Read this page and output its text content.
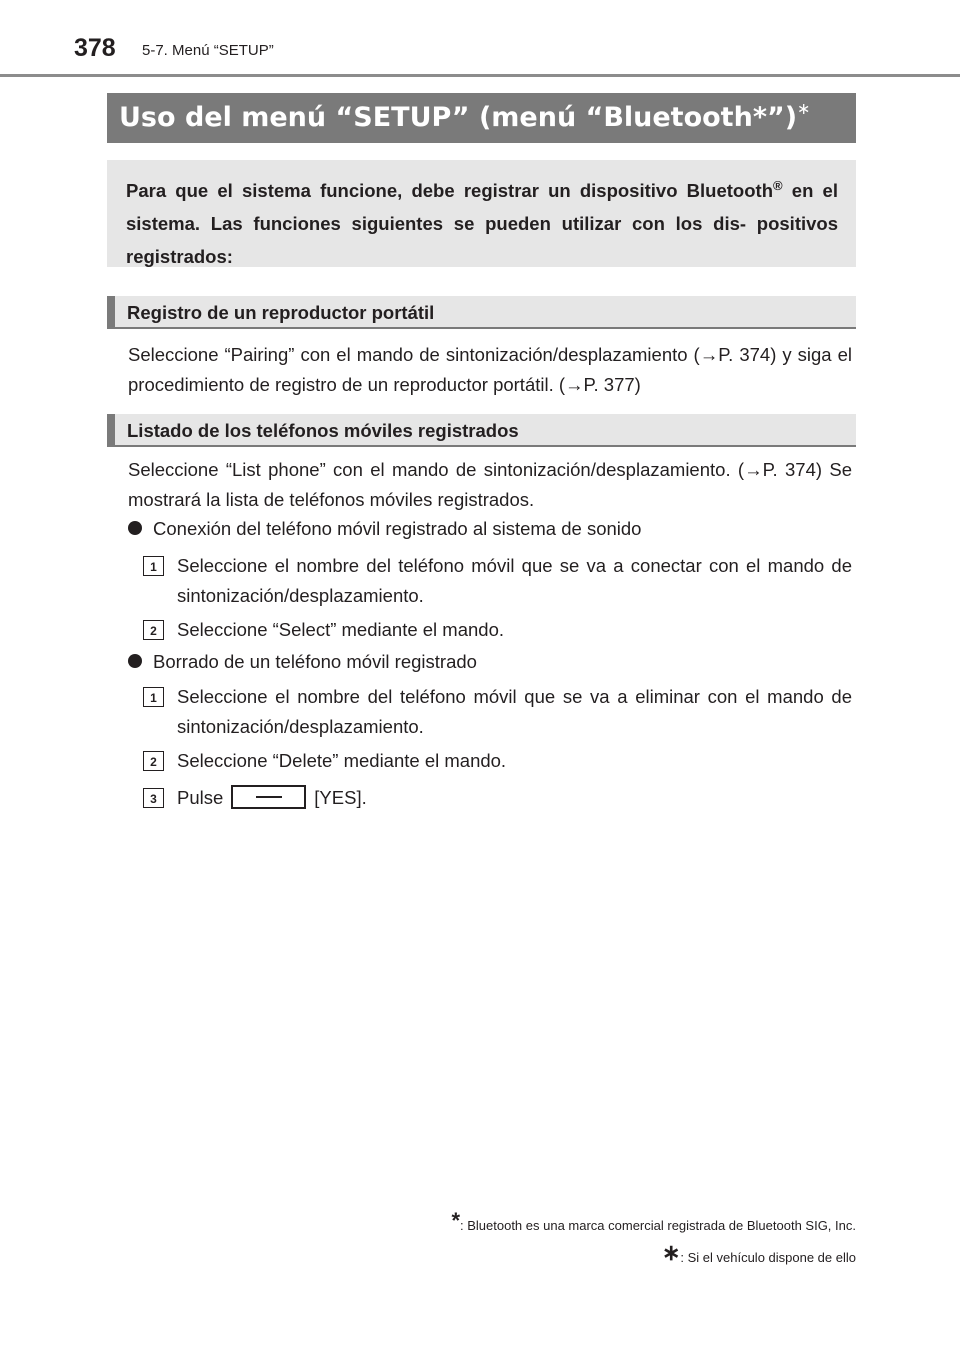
378 5-7. Menú “SETUP”
Uso del menú “SETUP” (menú “Bluetooth*”)∗
Para que el sistema funcione, debe registrar un dispositivo Bluetooth® en el sistema. Las funciones siguientes se pueden utilizar con los dis- positivos registrados:
Registro de un reproductor portátil

Seleccione “Pairing” con el mando de sintonización/desplazamiento (→P. 374) y siga el procedimiento de registro de un reproductor portátil. (→P. 377)

Listado de los teléfonos móviles registrados

Seleccione “List phone” con el mando de sintonización/desplazamiento. (→P. 374) Se mostrará la lista de teléfonos móviles registrados.

Conexión del teléfono móvil registrado al sistema de sonido
1	Seleccione el nombre del teléfono móvil que se va a conectar con el mando de sintonización/desplazamiento.
2	Seleccione “Select” mediante el mando.
Borrado de un teléfono móvil registrado
1	Seleccione el nombre del teléfono móvil que se va a eliminar con el mando de sintonización/desplazamiento.
2	Seleccione “Delete” mediante el mando.
3	Pulse	[YES].
*: Bluetooth es una marca comercial registrada de Bluetooth SIG, Inc.
∗: Si el vehículo dispone de ello
